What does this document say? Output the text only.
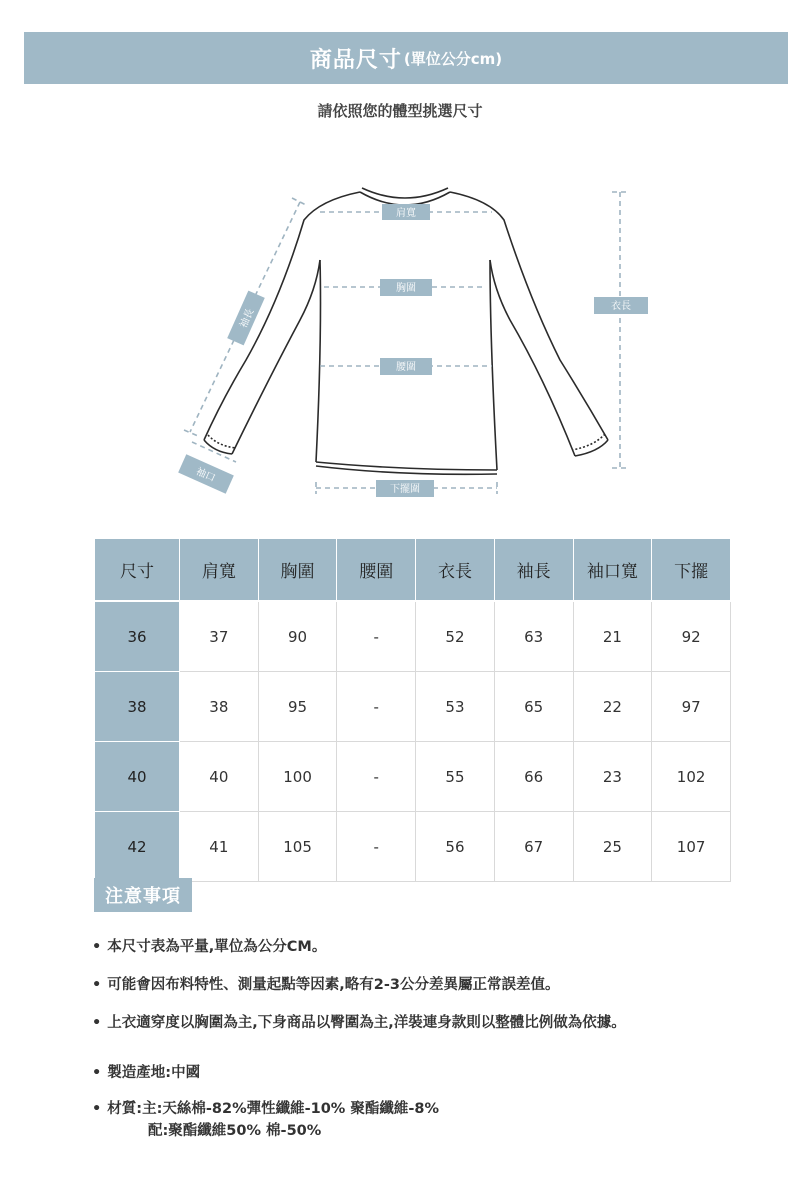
商品尺寸 (單位公分cm)
請依照您的體型挑選尺寸
肩寬
胸圍
腰圍
下擺圍
衣長
袖長
袖口
尺寸	肩寬	胸圍	腰圍	衣長	袖長	袖口寬	下擺
36	37	90	-	52	63	21	92
38	38	95	-	53	65	22	97
40	40	100	-	55	66	23	102
42	41	105	-	56	67	25	107
注意事項
• 本尺寸表為平量,單位為公分CM。
• 可能會因布料特性、測量起點等因素,略有2-3公分差異屬正常誤差值。
• 上衣適穿度以胸圍為主,下身商品以臀圍為主,洋裝連身款則以整體比例做為依據。
• 製造產地:中國
• 材質:主:天絲棉-82%彈性纖維-10% 聚酯纖維-8%
配:聚酯纖維50% 棉-50%
